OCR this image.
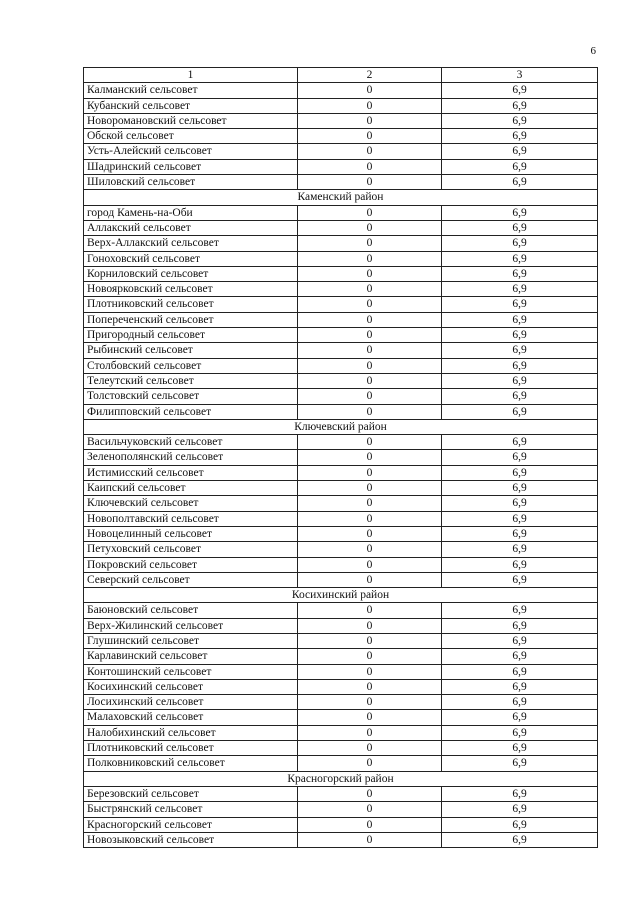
6
1	2	3
Калманский сельсовет	0	6,9
Кубанский сельсовет	0	6,9
Новороманoвский сельсовет	0	6,9
Обской сельсовет	0	6,9
Усть-Алейский сельсовет	0	6,9
Шадринский сельсовет	0	6,9
Шиловский сельсовет	0	6,9
Каменский район		
город Камень-на-Оби	0	6,9
Аллакский сельсовет	0	6,9
Верх-Аллакский сельсовет	0	6,9
Гоноховский сельсовет	0	6,9
Корниловский сельсовет	0	6,9
Новоярковский сельсовет	0	6,9
Плотниковский сельсовет	0	6,9
Попереченский сельсовет	0	6,9
Пригородный сельсовет	0	6,9
Рыбинский сельсовет	0	6,9
Столбовский сельсовет	0	6,9
Телеутский сельсовет	0	6,9
Толстовский сельсовет	0	6,9
Филипповский сельсовет	0	6,9
Ключевский район		
Васильчуковский сельсовет	0	6,9
Зеленополянский сельсовет	0	6,9
Истимисский сельсовет	0	6,9
Каипский сельсовет	0	6,9
Ключевский сельсовет	0	6,9
Новополтавский сельсовет	0	6,9
Новоцелинный сельсовет	0	6,9
Петуховский сельсовет	0	6,9
Покровский сельсовет	0	6,9
Северский сельсовет	0	6,9
Косихинский район		
Баюновский сельсовет	0	6,9
Верх-Жилинский сельсовет	0	6,9
Глушинский сельсовет	0	6,9
Карлавинский сельсовет	0	6,9
Контошинский сельсовет	0	6,9
Косихинский сельсовет	0	6,9
Лосихинский сельсовет	0	6,9
Малаховский сельсовет	0	6,9
Налобихинский сельсовет	0	6,9
Плотниковский сельсовет	0	6,9
Полковниковский сельсовет	0	6,9
Красногорский район		
Березовский сельсовет	0	6,9
Быстрянский сельсовет	0	6,9
Красногорский сельсовет	0	6,9
Новозыковский сельсовет	0	6,9
